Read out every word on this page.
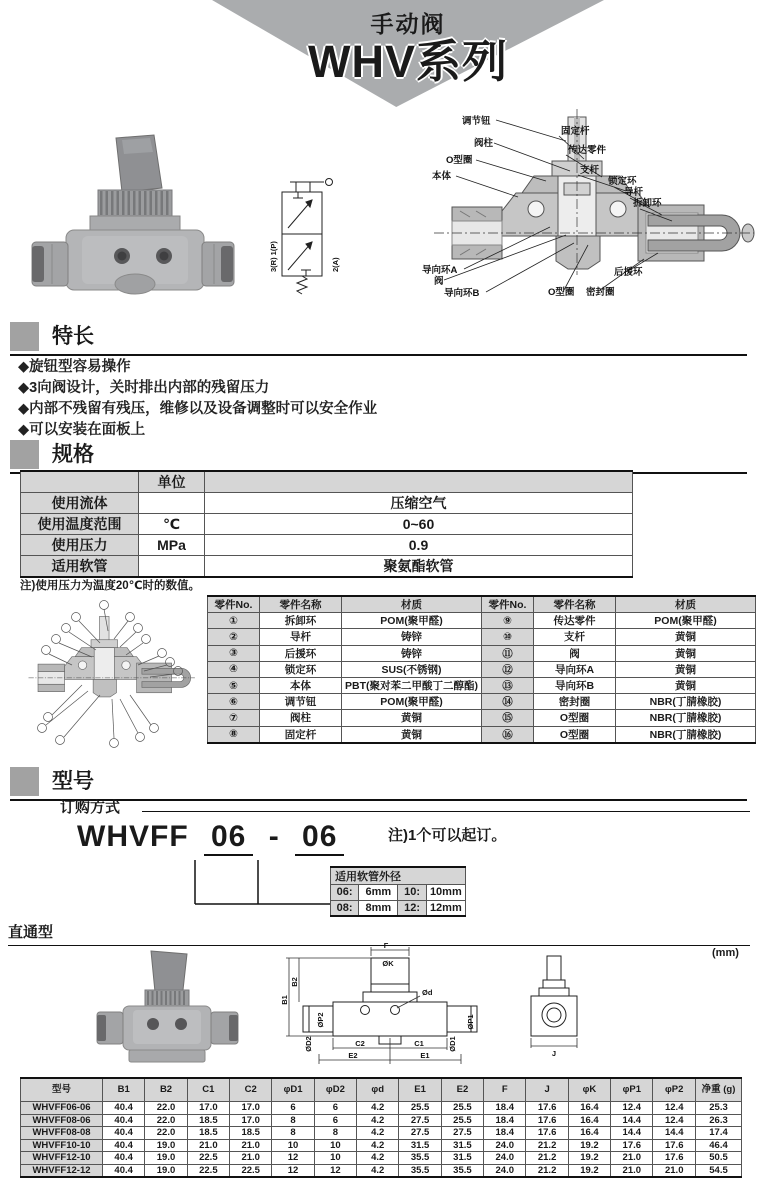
手动阀
WHV系列
3(R) 1(P)	2(A)
调节钮
阀柱
O型圈
本体
固定杆
传达零件
支杆
锁定环
导杆
拆卸环
导向环A
阀
导向环B	O型圈 密封圈
后援环
特长
◆旋钮型容易操作
◆3向阀设计，关时排出内部的残留压力
◆内部不残留有残压，维修以及设备调整时可以安全作业
◆可以安装在面板上
规格
	单位	
使用流体		压缩空气
使用温度范围	℃	0~60
使用压力	MPa	0.9
适用软管		聚氨酯软管
注)使用压力为温度20℃时的数值。
零件No.	零件名称	材质
①	拆卸环	POM(聚甲醛)
②	导杆	铸锌
③	后援环	铸锌
④	锁定环	SUS(不锈钢)
⑤	本体	PBT(聚对苯二甲酸丁二醇酯)
⑥	调节钮	POM(聚甲醛)
⑦	阀柱	黄铜
⑧	固定杆	黄铜
零件No.	零件名称	材质
⑨	传达零件	POM(聚甲醛)
⑩	支杆	黄铜
⑪	阀	黄铜
⑫	导向环A	黄铜
⑬	导向环B	黄铜
⑭	密封圈	NBR(丁腈橡胶)
⑮	O型圈	NBR(丁腈橡胶)
⑯	O型圈	NBR(丁腈橡胶)
型号
订购方式
WHVFF 06 - 06	注)1个可以起订。
适用软管外径			
06:	6mm	10:	10mm
08:	8mm	12:	12mm
直通型
(mm)
F
ØK
Ød
B1
B2
ØP2
ØD2	C2	C1
E2	E1
ØD1
ØP1
J
型号	B1	B2	C1	C2	φD1	φD2	φd	E1	E2	F	J	φK	φP1	φP2	净重 (g)
WHVFF06-06	40.4	22.0	17.0	17.0	6	6	4.2	25.5	25.5	18.4	17.6	16.4	12.4	12.4	25.3
WHVFF08-06	40.4	22.0	18.5	17.0	8	6	4.2	27.5	25.5	18.4	17.6	16.4	14.4	12.4	26.3
WHVFF08-08	40.4	22.0	18.5	18.5	8	8	4.2	27.5	27.5	18.4	17.6	16.4	14.4	14.4	17.4
WHVFF10-10	40.4	19.0	21.0	21.0	10	10	4.2	31.5	31.5	24.0	21.2	19.2	17.6	17.6	46.4
WHVFF12-10	40.4	19.0	22.5	21.0	12	10	4.2	35.5	31.5	24.0	21.2	19.2	21.0	17.6	50.5
WHVFF12-12	40.4	19.0	22.5	22.5	12	12	4.2	35.5	35.5	24.0	21.2	19.2	21.0	21.0	54.5
